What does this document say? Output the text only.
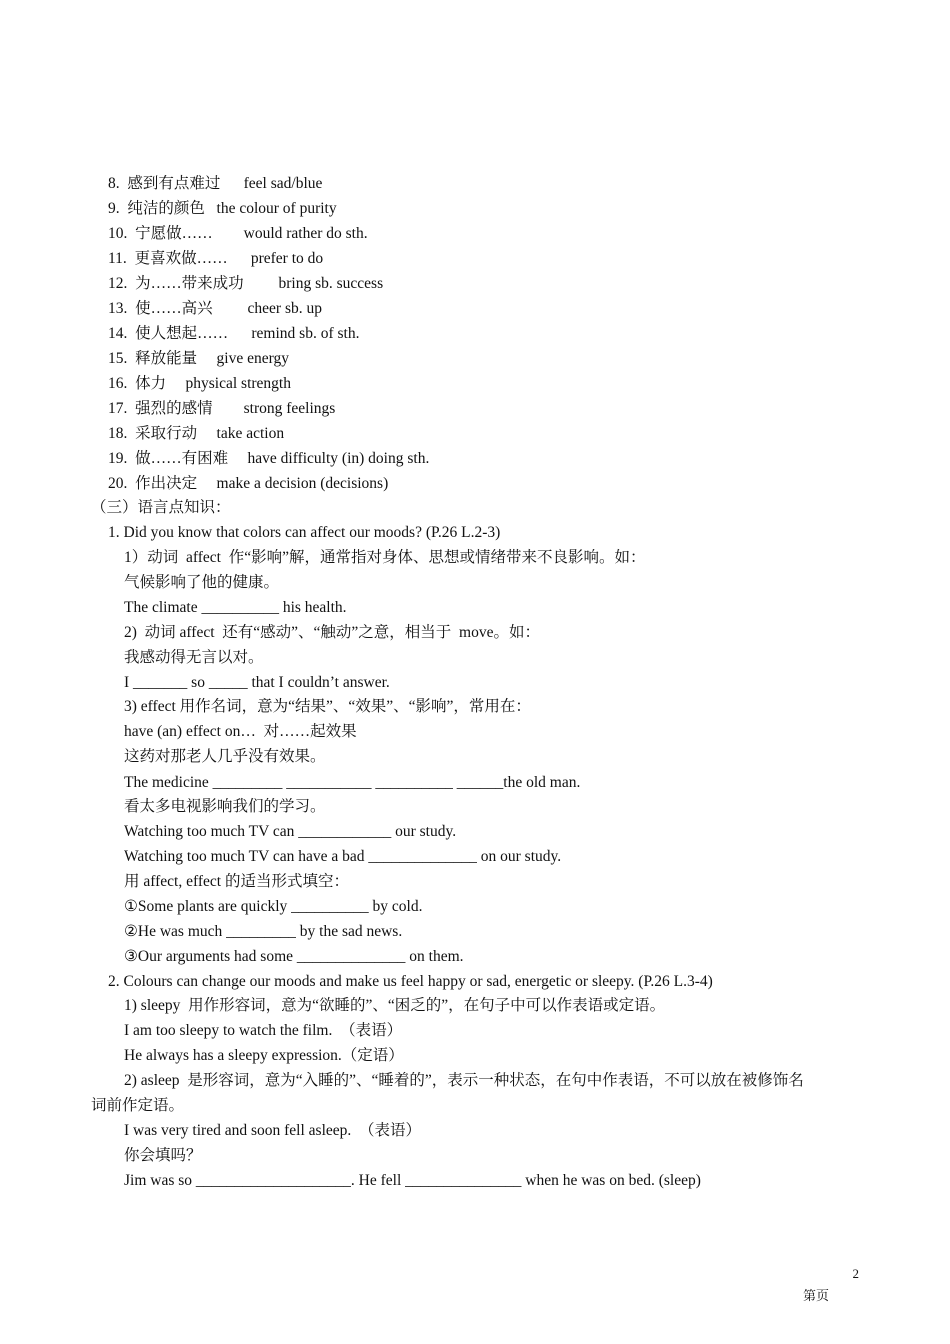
8. 感到有点难过 feel sad/blue
9. 纯洁的颜色 the colour of purity
10. 宁愿做…… would rather do sth.
11. 更喜欢做…… prefer to do
12. 为……带来成功 bring sb. success
13. 使……高兴 cheer sb. up
14. 使人想起…… remind sb. of sth.
15. 释放能量 give energy
16. 体力 physical strength
17. 强烈的感情 strong feelings
18. 采取行动 take action
19. 做……有困难 have difficulty (in) doing sth.
20. 作出决定 make a decision (decisions)
（三）语言点知识：
1. Did you know that colors can affect our moods? (P.26 L.2-3)
1）动词  affect  作“影响”解，通常指对身体、思想或情绪带来不良影响。如：
气候影响了他的健康。
The climate __________ his health.
2)  动词 affect  还有“感动”、“触动”之意，相当于  move。如：
我感动得无言以对。
I _______ so _____ that I couldn’t answer.
3) effect 用作名词，意为“结果”、“效果”、“影响”，常用在：
have (an) effect on…  对……起效果
这药对那老人几乎没有效果。
The medicine _________ ___________ __________ ______the old man.
看太多电视影响我们的学习。
Watching too much TV can ____________ our study.
Watching too much TV can have a bad ______________ on our study.
用 affect, effect 的适当形式填空：
①Some plants are quickly __________ by cold.
②He was much _________ by the sad news.
③Our arguments had some ______________ on them.
2. Colours can change our moods and make us feel happy or sad, energetic or sleepy. (P.26 L.3-4)
1) sleepy  用作形容词，意为“欲睡的”、“困乏的”，在句子中可以作表语或定语。
I am too sleepy to watch the film.  （表语）
He always has a sleepy expression.（定语）
2) asleep  是形容词，意为“入睡的”、“睡着的”，表示一种状态，在句中作表语，不可以放在被修饰名
词前作定语。
I was very tired and soon fell asleep.  （表语）
你会填吗？
Jim was so ____________________. He fell _______________ when he was on bed. (sleep)
2
第页
